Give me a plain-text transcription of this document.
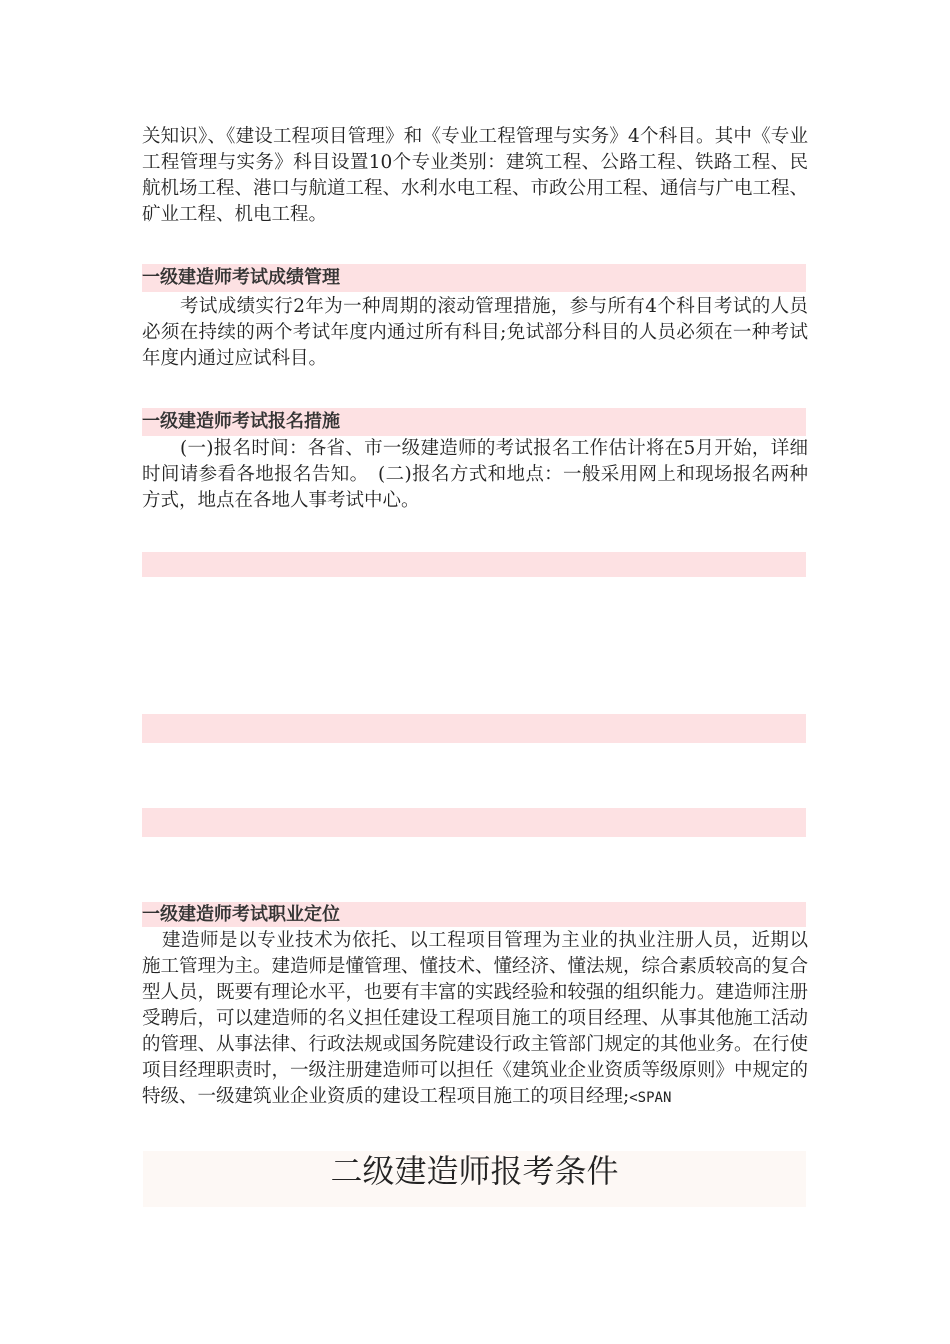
关知识》、《建设工程项目管理》和《专业工程管理与实务》4个科目。其中《专业工程管理与实务》科目设置10个专业类别：建筑工程、公路工程、铁路工程、民航机场工程、港口与航道工程、水利水电工程、市政公用工程、通信与广电工程、矿业工程、机电工程。

一级建造师考试成绩管理

考试成绩实行2年为一种周期的滚动管理措施，参与所有4个科目考试的人员必须在持续的两个考试年度内通过所有科目;免试部分科目的人员必须在一种考试年度内通过应试科目。

一级建造师考试报名措施

(一)报名时间：各省、市一级建造师的考试报名工作估计将在5月开始，详细时间请参看各地报名告知。　(二)报名方式和地点：一般采用网上和现场报名两种方式，地点在各地人事考试中心。

一级建造师考试职业定位

建造师是以专业技术为依托、以工程项目管理为主业的执业注册人员，近期以施工管理为主。建造师是懂管理、懂技术、懂经济、懂法规，综合素质较高的复合型人员，既要有理论水平，也要有丰富的实践经验和较强的组织能力。建造师注册受聘后，可以建造师的名义担任建设工程项目施工的项目经理、从事其他施工活动的管理、从事法律、行政法规或国务院建设行政主管部门规定的其他业务。在行使项目经理职责时，一级注册建造师可以担任《建筑业企业资质等级原则》中规定的特级、一级建筑业企业资质的建设工程项目施工的项目经理;<SPAN

二级建造师报考条件
